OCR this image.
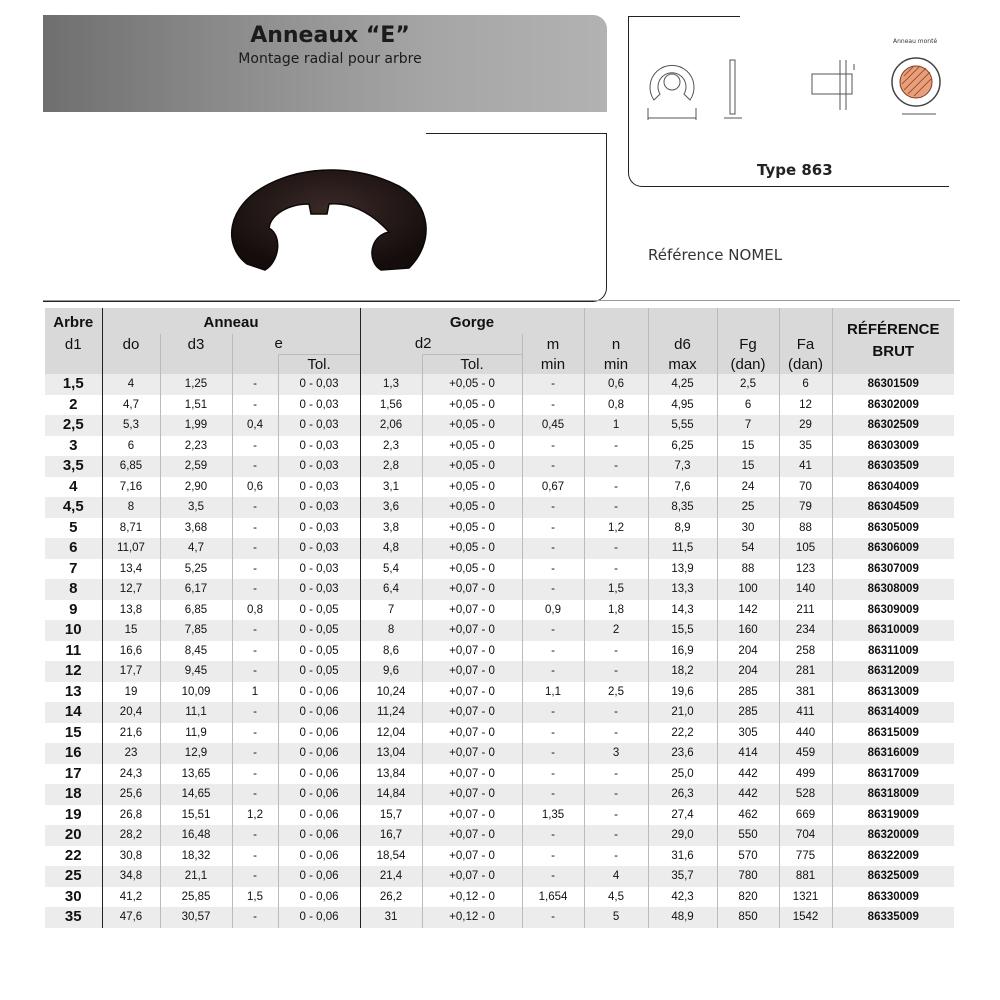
Anneaux “E”
Montage radial pour arbre
Anneau monté
Type 863
Référence NOMEL
Arbre	Anneau				Gorge							RÉFÉRENCE
BRUT
d1	do	d3	e		d2		m	n	d6	Fg	Fa	
				Tol.		Tol.	min	min	max	(dan)	(dan)	
1,5	4	1,25	-	0 - 0,03	1,3	+0,05 - 0	-	0,6	4,25	2,5	6	86301509
2	4,7	1,51	-	0 - 0,03	1,56	+0,05 - 0	-	0,8	4,95	6	12	86302009
2,5	5,3	1,99	0,4	0 - 0,03	2,06	+0,05 - 0	0,45	1	5,55	7	29	86302509
3	6	2,23	-	0 - 0,03	2,3	+0,05 - 0	-	-	6,25	15	35	86303009
3,5	6,85	2,59	-	0 - 0,03	2,8	+0,05 - 0	-	-	7,3	15	41	86303509
4	7,16	2,90	0,6	0 - 0,03	3,1	+0,05 - 0	0,67	-	7,6	24	70	86304009
4,5	8	3,5	-	0 - 0,03	3,6	+0,05 - 0	-	-	8,35	25	79	86304509
5	8,71	3,68	-	0 - 0,03	3,8	+0,05 - 0	-	1,2	8,9	30	88	86305009
6	11,07	4,7	-	0 - 0,03	4,8	+0,05 - 0	-	-	11,5	54	105	86306009
7	13,4	5,25	-	0 - 0,03	5,4	+0,05 - 0	-	-	13,9	88	123	86307009
8	12,7	6,17	-	0 - 0,03	6,4	+0,07 - 0	-	1,5	13,3	100	140	86308009
9	13,8	6,85	0,8	0 - 0,05	7	+0,07 - 0	0,9	1,8	14,3	142	211	86309009
10	15	7,85	-	0 - 0,05	8	+0,07 - 0	-	2	15,5	160	234	86310009
11	16,6	8,45	-	0 - 0,05	8,6	+0,07 - 0	-	-	16,9	204	258	86311009
12	17,7	9,45	-	0 - 0,05	9,6	+0,07 - 0	-	-	18,2	204	281	86312009
13	19	10,09	1	0 - 0,06	10,24	+0,07 - 0	1,1	2,5	19,6	285	381	86313009
14	20,4	11,1	-	0 - 0,06	11,24	+0,07 - 0	-	-	21,0	285	411	86314009
15	21,6	11,9	-	0 - 0,06	12,04	+0,07 - 0	-	-	22,2	305	440	86315009
16	23	12,9	-	0 - 0,06	13,04	+0,07 - 0	-	3	23,6	414	459	86316009
17	24,3	13,65	-	0 - 0,06	13,84	+0,07 - 0	-	-	25,0	442	499	86317009
18	25,6	14,65	-	0 - 0,06	14,84	+0,07 - 0	-	-	26,3	442	528	86318009
19	26,8	15,51	1,2	0 - 0,06	15,7	+0,07 - 0	1,35	-	27,4	462	669	86319009
20	28,2	16,48	-	0 - 0,06	16,7	+0,07 - 0	-	-	29,0	550	704	86320009
22	30,8	18,32	-	0 - 0,06	18,54	+0,07 - 0	-	-	31,6	570	775	86322009
25	34,8	21,1	-	0 - 0,06	21,4	+0,07 - 0	-	4	35,7	780	881	86325009
30	41,2	25,85	1,5	0 - 0,06	26,2	+0,12 - 0	1,654	4,5	42,3	820	1321	86330009
35	47,6	30,57	-	0 - 0,06	31	+0,12 - 0	-	5	48,9	850	1542	86335009
